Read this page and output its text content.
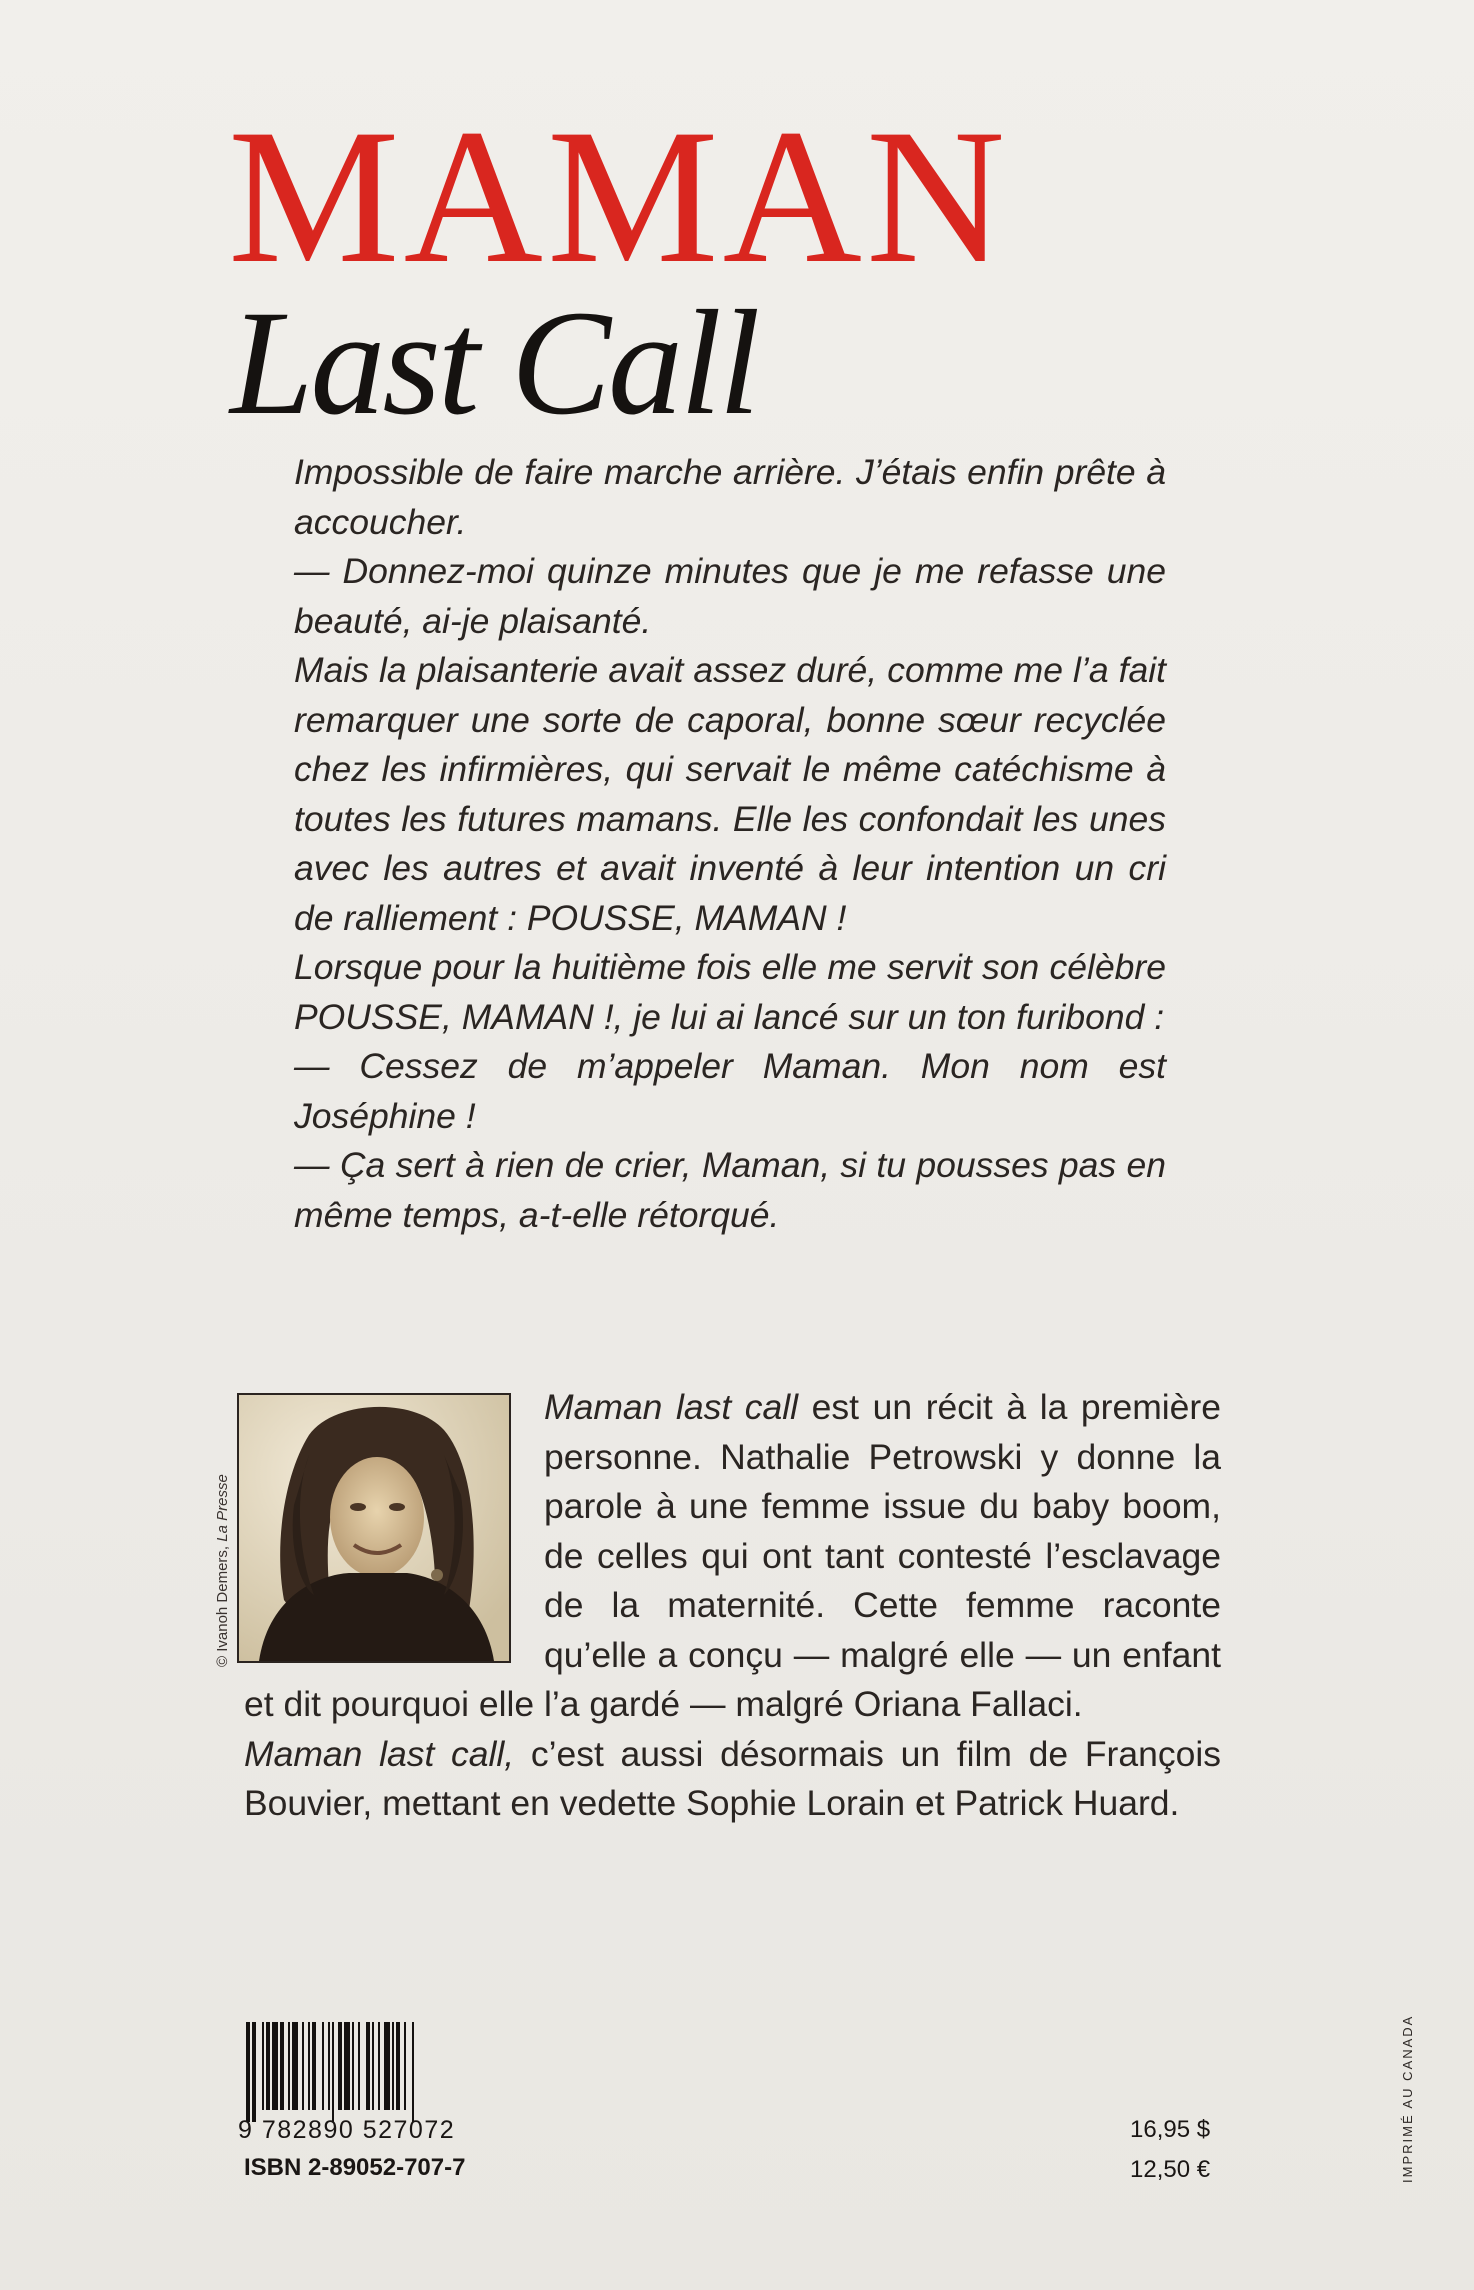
MAMAN
Last Call

Impossible de faire marche arrière. J’étais enfin prête à accoucher.

— Donnez-moi quinze minutes que je me refasse une beauté, ai-je plaisanté.

Mais la plaisanterie avait assez duré, comme me l’a fait remarquer une sorte de caporal, bonne sœur recyclée chez les infirmières, qui servait le même catéchisme à toutes les futures mamans. Elle les confondait les unes avec les autres et avait inventé à leur intention un cri de ralliement : POUSSE, MAMAN !

Lorsque pour la huitième fois elle me servit son célèbre POUSSE, MAMAN !, je lui ai lancé sur un ton furibond :

— Cessez de m’appeler Maman. Mon nom est Joséphine !

— Ça sert à rien de crier, Maman, si tu pousses pas en même temps, a-t-elle rétorqué.

© Ivanoh Demers, La Presse

Maman last call est un récit à la première personne. Nathalie Petrowski y donne la parole à une femme issue du baby boom, de celles qui ont tant contesté l’esclavage de la maternité. Cette femme raconte qu’elle a conçu — malgré elle — un enfant et dit pourquoi elle l’a gardé — malgré Oriana Fallaci.

Maman last call, c’est aussi désormais un film de François Bouvier, mettant en vedette Sophie Lorain et Patrick Huard.

9 782890 527072
ISBN 2-89052-707-7
16,95 $
12,50 €	IMPRIMÉ AU CANADA
